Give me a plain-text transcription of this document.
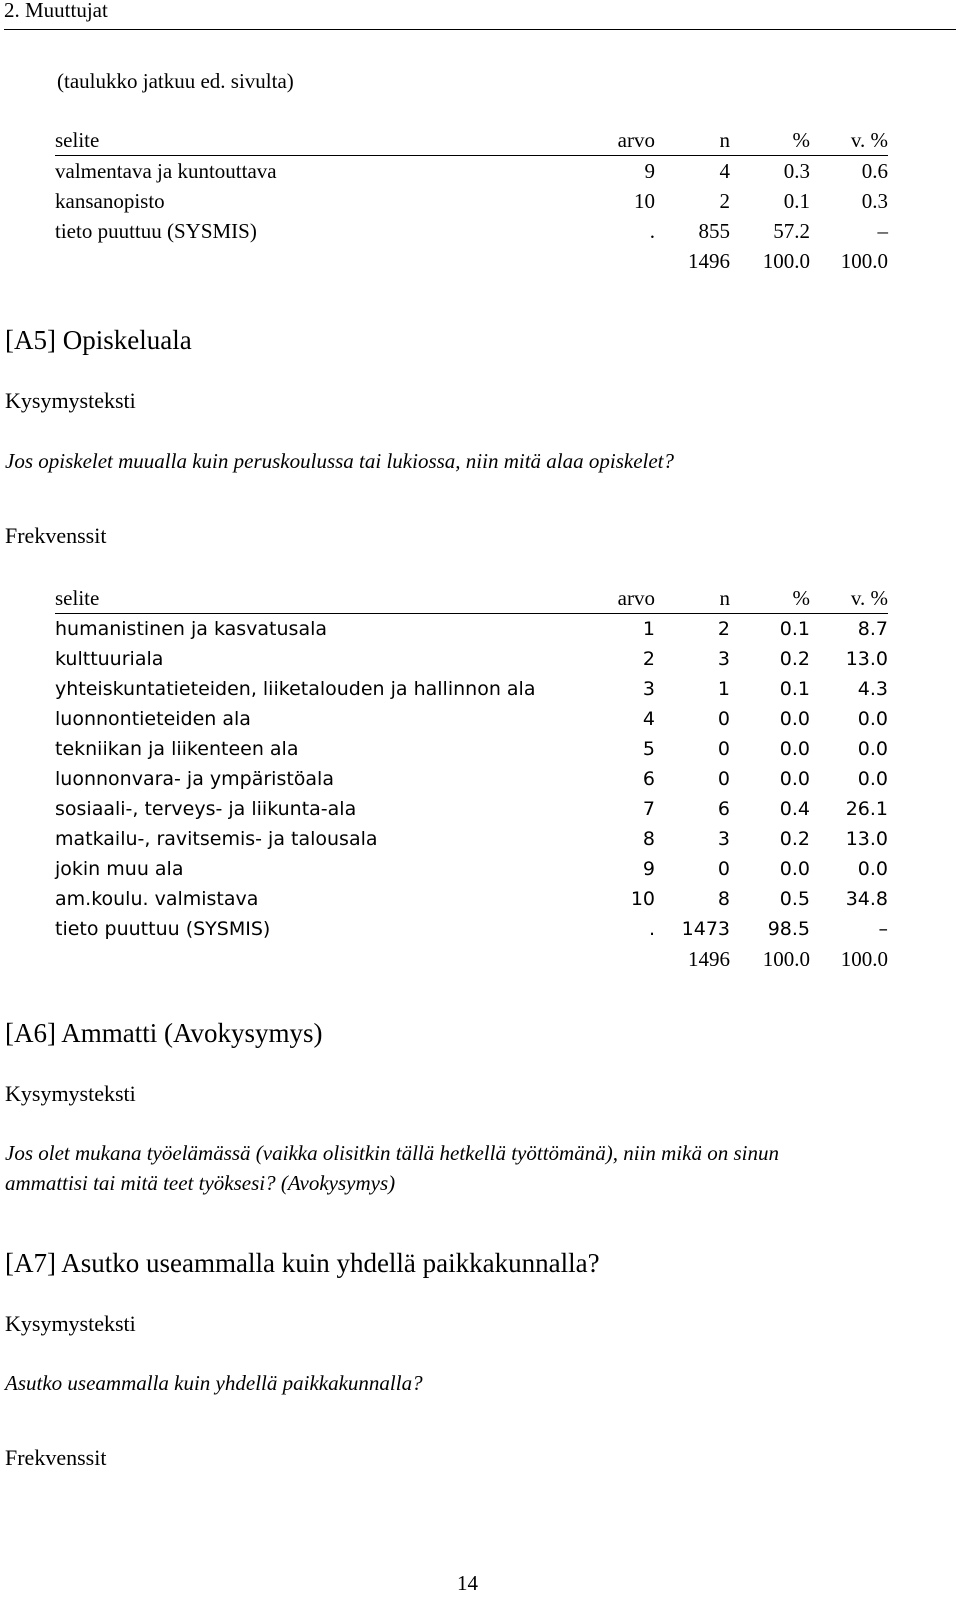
2. Muuttujat
(taulukko jatkuu ed. sivulta)
selite	arvo	n	%	v. %
valmentava ja kuntouttava	9	4	0.3	0.6
kansanopisto	10	2	0.1	0.3
tieto puuttuu (SYSMIS)	.	855	57.2	–
		1496	100.0	100.0
[A5] Opiskeluala
Kysymysteksti
Jos opiskelet muualla kuin peruskoulussa tai lukiossa, niin mitä alaa opiskelet?
Frekvenssit
selite	arvo	n	%	v. %
humanistinen ja kasvatusala	1	2	0.1	8.7
kulttuuriala	2	3	0.2	13.0
yhteiskuntatieteiden, liiketalouden ja hallinnon ala	3	1	0.1	4.3
luonnontieteiden ala	4	0	0.0	0.0
tekniikan ja liikenteen ala	5	0	0.0	0.0
luonnonvara- ja ympäristöala	6	0	0.0	0.0
sosiaali-, terveys- ja liikunta-ala	7	6	0.4	26.1
matkailu-, ravitsemis- ja talousala	8	3	0.2	13.0
jokin muu ala	9	0	0.0	0.0
am.koulu. valmistava	10	8	0.5	34.8
tieto puuttuu (SYSMIS)	.	1473	98.5	–
		1496	100.0	100.0
[A6] Ammatti (Avokysymys)
Kysymysteksti
Jos olet mukana työelämässä (vaikka olisitkin tällä hetkellä työttömänä), niin mikä on sinun
ammattisi tai mitä teet työksesi? (Avokysymys)
[A7] Asutko useammalla kuin yhdellä paikkakunnalla?
Kysymysteksti
Asutko useammalla kuin yhdellä paikkakunnalla?
Frekvenssit
14
